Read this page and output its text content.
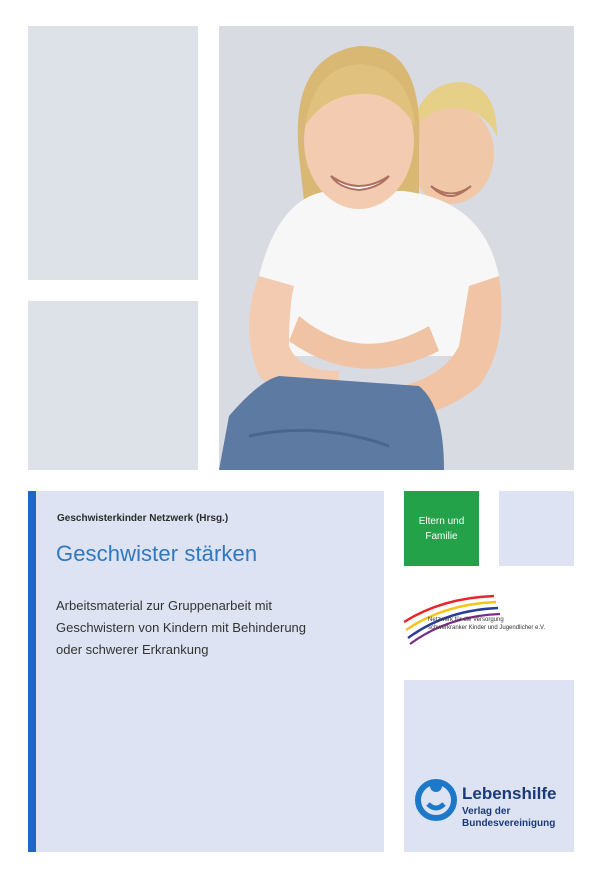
Geschwisterkinder Netzwerk (Hrsg.)
Geschwister stärken
Arbeitsmaterial zur Gruppenarbeit mit
Geschwistern von Kindern mit Behinderung
oder schwerer Erkrankung
Eltern und
Familie
Netzwerk für die Versorgung
schwerkranker Kinder und Jugendlicher e.V.
Lebenshilfe
Verlag der
Bundesvereinigung
